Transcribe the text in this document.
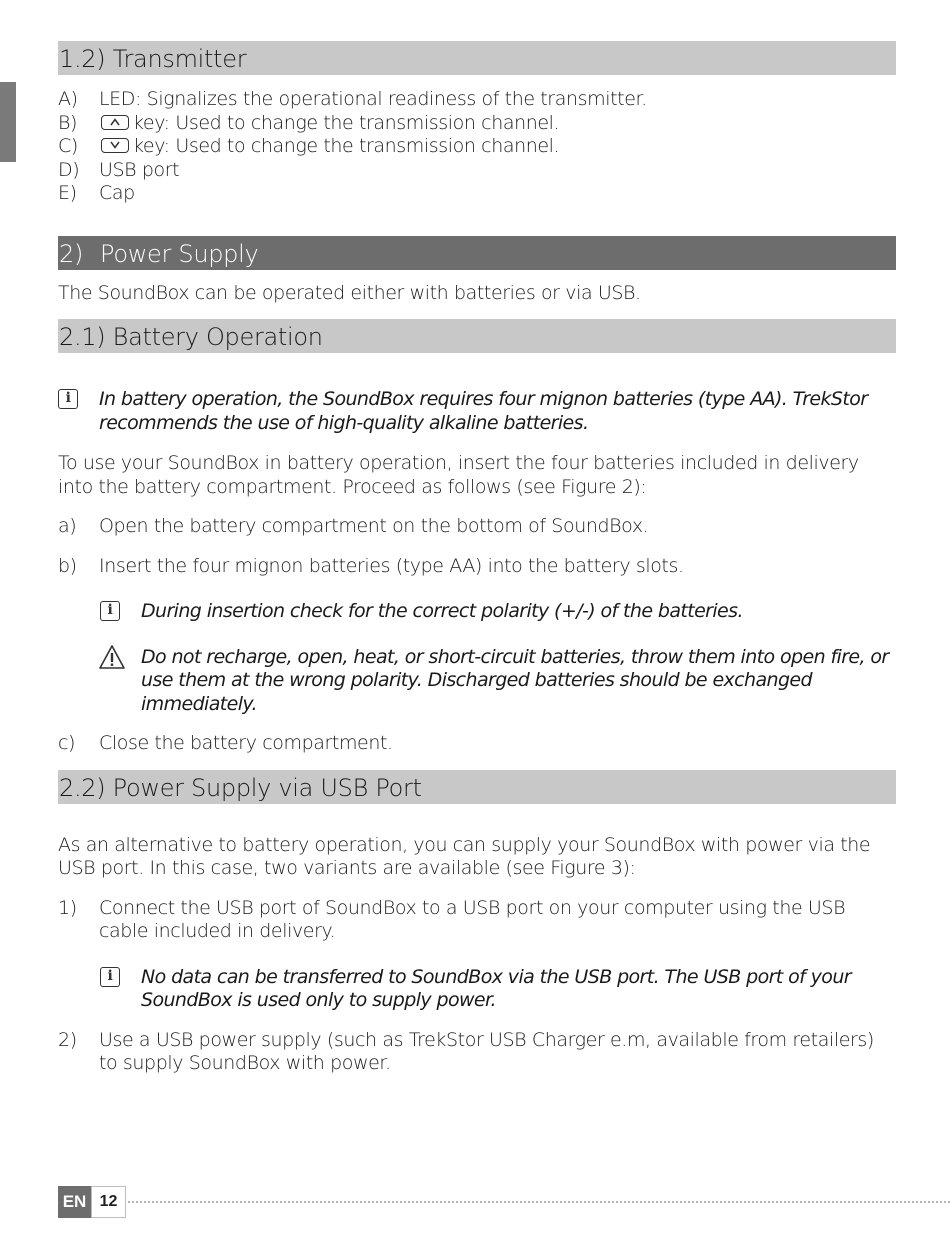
1.2) Transmitter
A) LED: Signalizes the operational readiness of the transmitter.
B)	key: Used to change the transmission channel.
C)	key: Used to change the transmission channel.
D) USB port
E) Cap
2) Power Supply
The SoundBox can be operated either with batteries or via USB.
2.1) Battery Operation
i	In battery operation, the SoundBox requires four mignon batteries (type AA). TrekStor recommends the use of high-quality alkaline batteries.
To use your SoundBox in battery operation, insert the four batteries included in delivery into the battery compartment. Proceed as follows (see Figure 2):
a) Open the battery compartment on the bottom of SoundBox.
b) Insert the four mignon batteries (type AA) into the battery slots.
i	During insertion check for the correct polarity (+/-) of the batteries.
Do not recharge, open, heat, or short-circuit batteries, throw them into open fire, or use them at the wrong polarity. Discharged batteries should be exchanged immediately.
c) Close the battery compartment.
2.2) Power Supply via USB Port
As an alternative to battery operation, you can supply your SoundBox with power via the USB port. In this case, two variants are available (see Figure 3):
1) Connect the USB port of SoundBox to a USB port on your computer using the USB cable included in delivery.
i	No data can be transferred to SoundBox via the USB port. The USB port of your SoundBox is used only to supply power.
2) Use a USB power supply (such as TrekStor USB Charger e.m, available from retailers) to supply SoundBox with power.
EN 12
